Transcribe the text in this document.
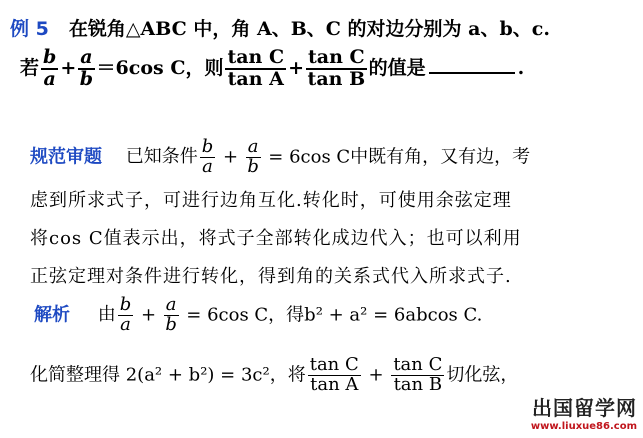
例 5 在锐角△ABC 中，角 A、B、C 的对边分别为 a、b、c.
若 $\frac{b}{a} + \frac{a}{b} =6\cos$ C，则 $\frac{\text{tan C}}{\text{tan A}} + \frac{\text{tan C}}{\text{tan B}}$ 的值是	.
规范审题 已知条件 $\frac{b}{a} + \frac{a}{b} = 6\cos$ C中既有角，又有边，考
虑到所求式子，可进行边角互化.转化时，可使用余弦定理
将cos C值表示出，将式子全部转化成边代入；也可以利用
正弦定理对条件进行转化，得到角的关系式代入所求式子.
解析 由 $\frac{b}{a} + \frac{a}{b} = 6\cos$ C，得b² + a² = 6abcos C.
化简整理得 2(a² + b²) = 3c²，将 $\frac{\text{tan C}}{\text{tan A}} + \frac{\text{tan C}}{\text{tan B}}$ 切化弦，
出国留学网
www.liuxue86.com
